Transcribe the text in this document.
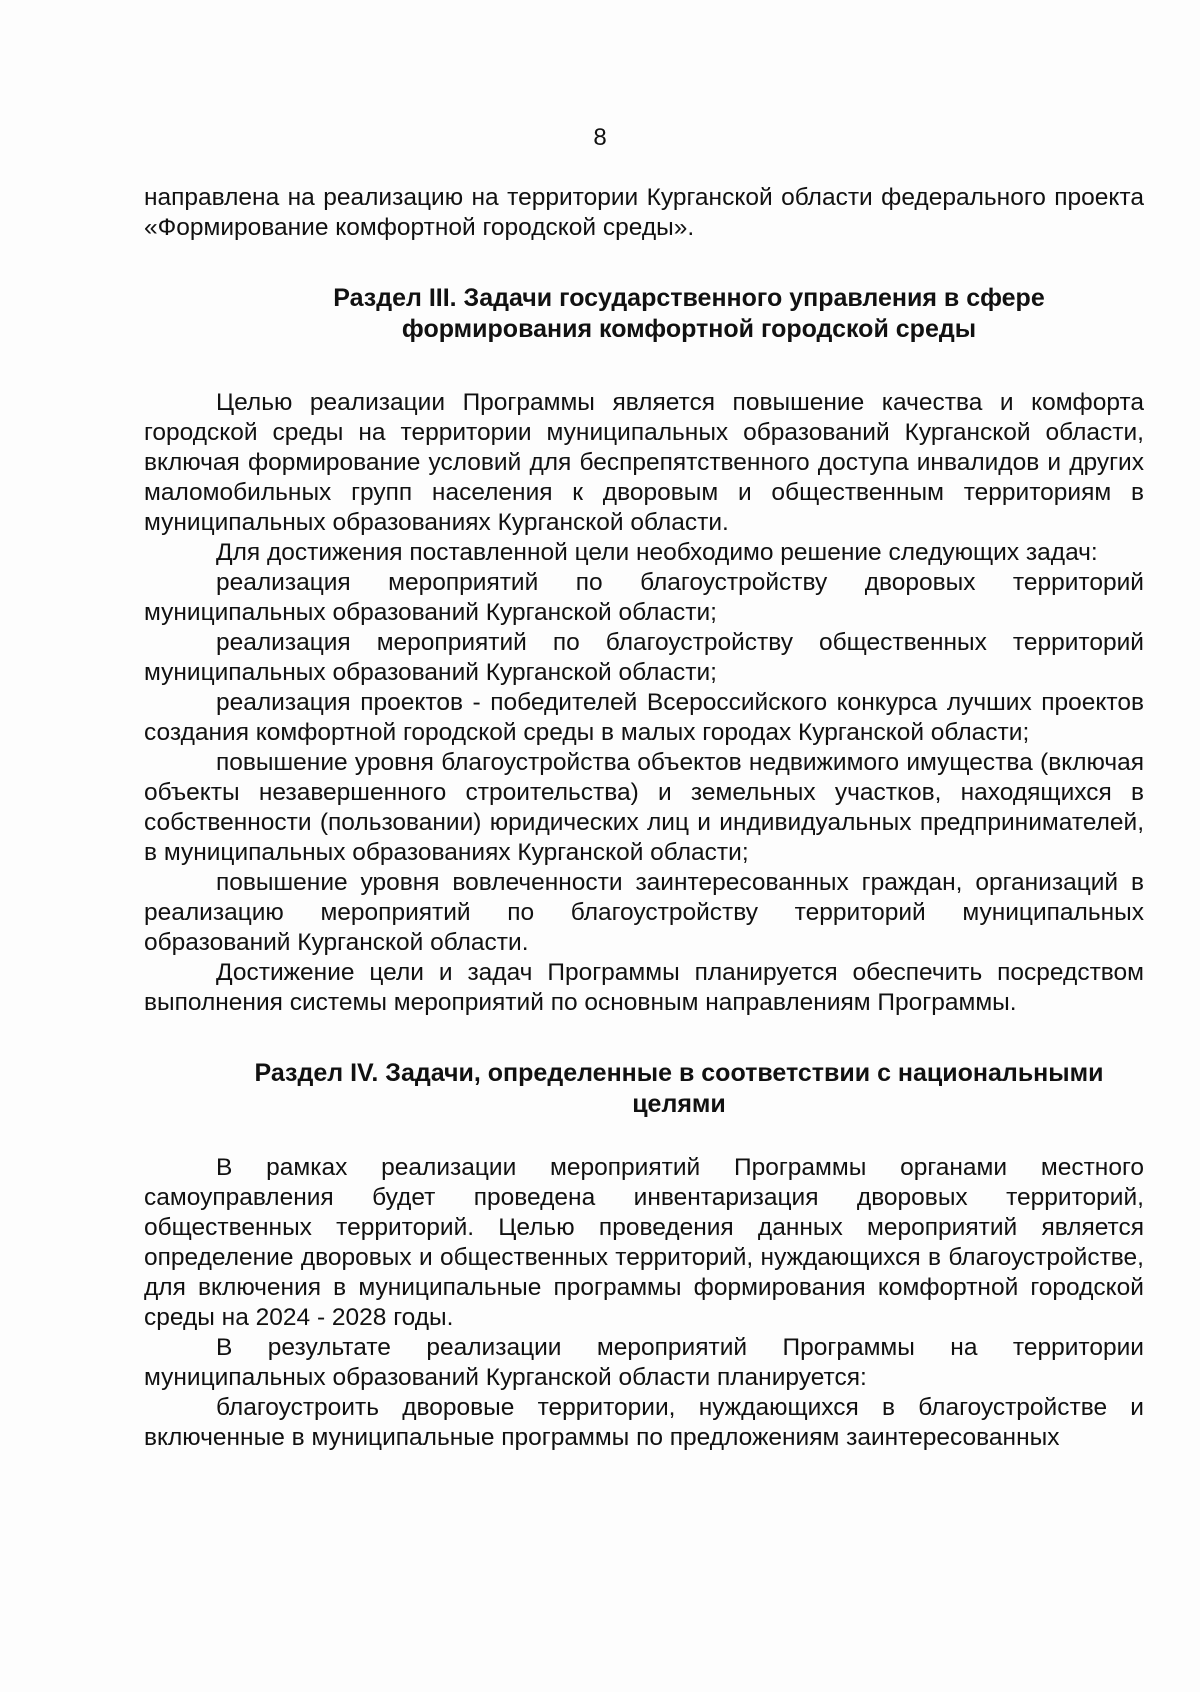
8

направлена на реализацию на территории Курганской области федерального проекта «Формирование комфортной городской среды».

Раздел III. Задачи государственного управления в сфере
формирования комфортной городской среды

Целью реализации Программы является повышение качества и комфорта городской среды на территории муниципальных образований Курганской области, включая формирование условий для беспрепятственного доступа инвалидов и других маломобильных групп населения к дворовым и общественным территориям в муниципальных образованиях Курганской области.

Для достижения поставленной цели необходимо решение следующих задач:

реализация мероприятий по благоустройству дворовых территорий муниципальных образований Курганской области;

реализация мероприятий по благоустройству общественных территорий муниципальных образований Курганской области;

реализация проектов - победителей Всероссийского конкурса лучших проектов создания комфортной городской среды в малых городах Курганской области;

повышение уровня благоустройства объектов недвижимого имущества (включая объекты незавершенного строительства) и земельных участков, находящихся в собственности (пользовании) юридических лиц и индивидуальных предпринимателей, в муниципальных образованиях Курганской области;

повышение уровня вовлеченности заинтересованных граждан, организаций в реализацию мероприятий по благоустройству территорий муниципальных образований Курганской области.

Достижение цели и задач Программы планируется обеспечить посредством выполнения системы мероприятий по основным направлениям Программы.

Раздел IV. Задачи, определенные в соответствии с национальными
целями

В рамках реализации мероприятий Программы органами местного самоуправления будет проведена инвентаризация дворовых территорий, общественных территорий. Целью проведения данных мероприятий является определение дворовых и общественных территорий, нуждающихся в благоустройстве, для включения в муниципальные программы формирования комфортной городской среды на 2024 - 2028 годы.

В результате реализации мероприятий Программы на территории муниципальных образований Курганской области планируется:

благоустроить дворовые территории, нуждающихся в благоустройстве и включенные в муниципальные программы по предложениям заинтересованных
